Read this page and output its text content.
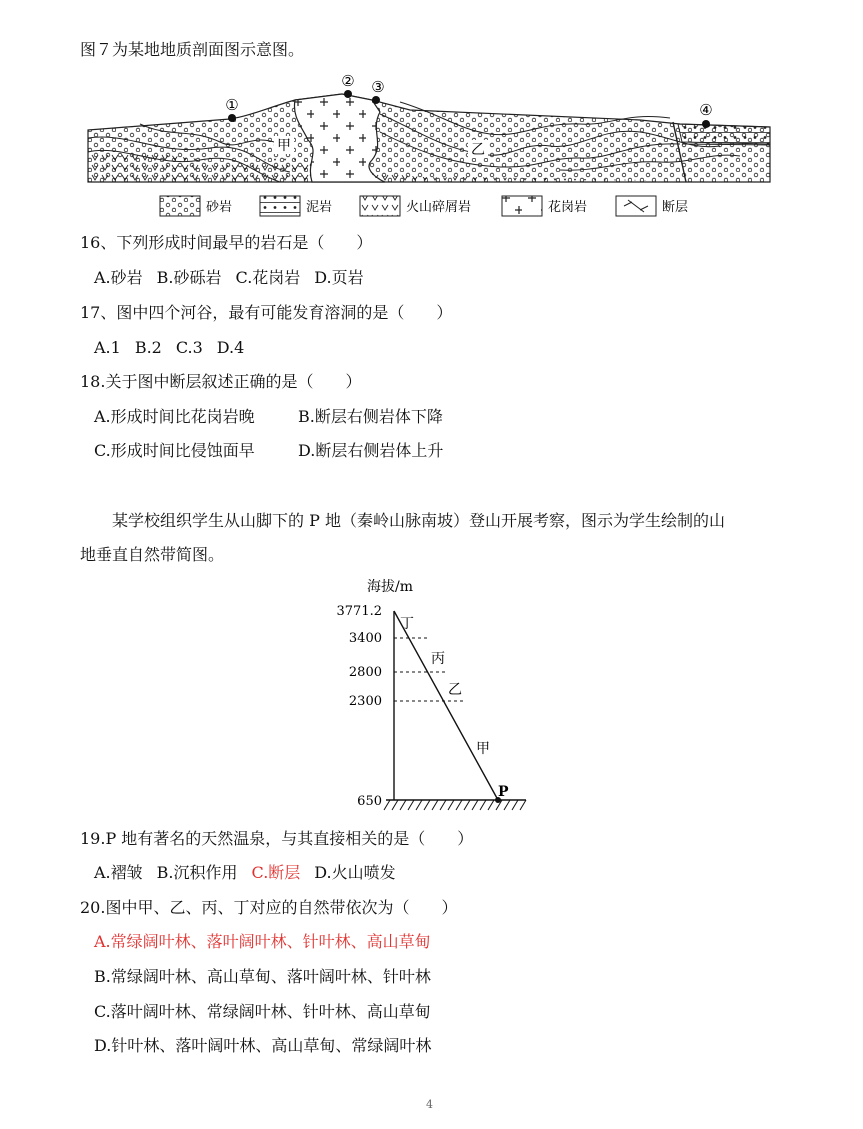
图７为某地地质剖面图示意图。
①
② ③
④
甲	乙
砂岩	泥岩	火山碎屑岩	花岗岩	断层
16、下列形成时间最早的岩石是（　　）
A.砂岩 B.砂砾岩 C.花岗岩 D.页岩
17、图中四个河谷，最有可能发育溶洞的是（　　）
A.1 B.2 C.3 D.4
18.关于图中断层叙述正确的是（　　）
A.形成时间比花岗岩晚	B.断层右侧岩体下降
C.形成时间比侵蚀面早	D.断层右侧岩体上升
某学校组织学生从山脚下的 P 地（秦岭山脉南坡）登山开展考察，图示为学生绘制的山
地垂直自然带简图。
海拔/m
3771.2
3400
2800
2300
650
丁
丙
乙
甲
P
19.P 地有著名的天然温泉，与其直接相关的是（　　）
A.褶皱 B.沉积作用 C.断层 D.火山喷发
20.图中甲、乙、丙、丁对应的自然带依次为（　　）
A.常绿阔叶林、落叶阔叶林、针叶林、高山草甸
B.常绿阔叶林、高山草甸、落叶阔叶林、针叶林
C.落叶阔叶林、常绿阔叶林、针叶林、高山草甸
D.针叶林、落叶阔叶林、高山草甸、常绿阔叶林
4
